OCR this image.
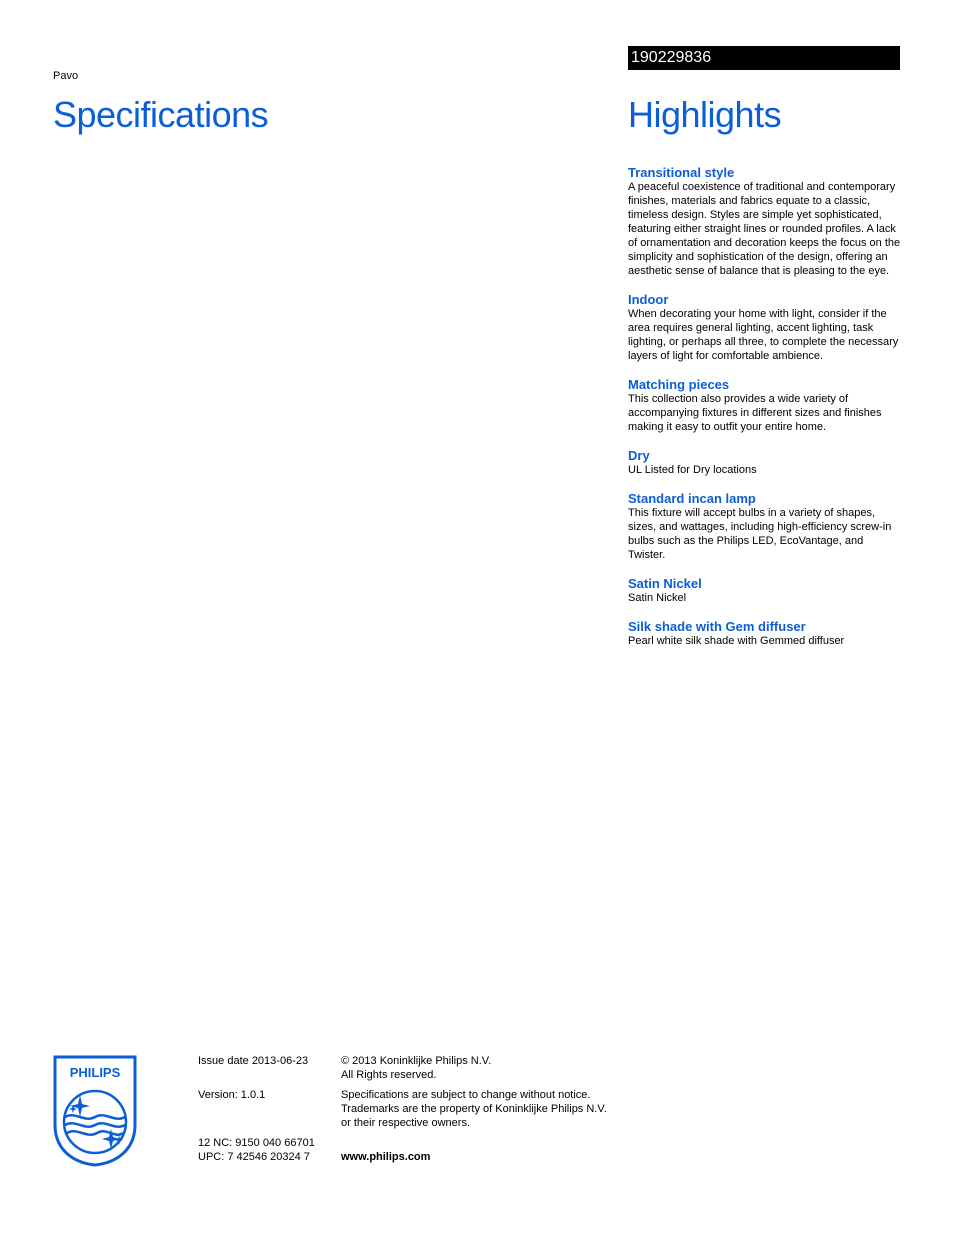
Pavo
Specifications
190229836
Highlights
Transitional style
A peaceful coexistence of traditional and contemporary finishes, materials and fabrics equate to a classic, timeless design. Styles are simple yet sophisticated, featuring either straight lines or rounded profiles. A lack of ornamentation and decoration keeps the focus on the simplicity and sophistication of the design, offering an aesthetic sense of balance that is pleasing to the eye.
Indoor
When decorating your home with light, consider if the area requires general lighting, accent lighting, task lighting, or perhaps all three, to complete the necessary layers of light for comfortable ambience.
Matching pieces
This collection also provides a wide variety of accompanying fixtures in different sizes and finishes making it easy to outfit your entire home.
Dry
UL Listed for Dry locations
Standard incan lamp
This fixture will accept bulbs in a variety of shapes, sizes, and wattages, including high-efficiency screw-in bulbs such as the Philips LED, EcoVantage, and Twister.
Satin Nickel
Satin Nickel
Silk shade with Gem diffuser
Pearl white silk shade with Gemmed diffuser
PHILIPS
Issue date 2013-06-23
Version: 1.0.1
12 NC: 9150 040 66701
UPC: 7 42546 20324 7
© 2013 Koninklijke Philips N.V.
All Rights reserved.
Specifications are subject to change without notice.
Trademarks are the property of Koninklijke Philips N.V.
or their respective owners.
www.philips.com
